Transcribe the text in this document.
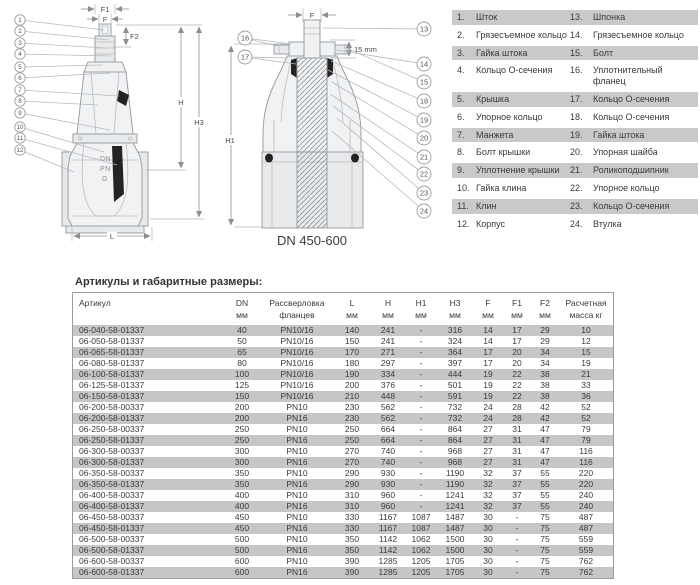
DN
PN
G
F1
F
F2
H
H3
L
1
2
3
4
5
6
7
8
9
10
11
12
F
15 mm
H1
DN 450-600
16
17
13
14
15
18
19
20
21
22
23
24
1.	Шток	13.	Шпонка
2.	Грязесъемное кольцо 14.	Грязесъемное кольцо
3.	Гайка штока	15.	Болт
4.	Кольцо О-сечения	16.	Уплотнительный фланец
5.	Крышка	17.	Кольцо О-сечения
6.	Упорное кольцо	18.	Кольцо О-сечения
7.	Манжета	19.	Гайка штока
8.	Болт крышки	20.	Упорная шайба
9.	Уплотнение крышки	21.	Роликоподшипник
10. Гайка клина	22.	Упорное кольцо
11. Клин	23.	Кольцо О-сечения
12. Корпус	24.	Втулка
Артикулы и габаритные размеры:
Артикул	DN	Рассверловка	L	H	H1	H3	F	F1	F2	Расчетная
	мм	фланцев	мм	мм	мм	мм	мм	мм	мм	масса кг
06-040-58-01337	40	PN10/16	140	241	-	316	14	17	29	10
06-050-58-01337	50	PN10/16	150	241	-	324	14	17	29	12
06-065-58-01337	65	PN10/16	170	271	-	364	17	20	34	15
06-080-58-01337	80	PN10/16	180	297	-	397	17	20	34	19
06-100-58-01337	100	PN10/16	190	334	-	444	19	22	38	21
06-125-58-01337	125	PN10/16	200	376	-	501	19	22	38	33
06-150-58-01337	150	PN10/16	210	448	-	591	19	22	38	36
06-200-58-00337	200	PN10	230	562	-	732	24	28	42	52
06-200-58-01337	200	PN16	230	562	-	732	24	28	42	52
06-250-58-00337	250	PN10	250	664	-	864	27	31	47	79
06-250-58-01337	250	PN16	250	664	-	864	27	31	47	79
06-300-58-00337	300	PN10	270	740	-	968	27	31	47	116
06-300-58-01337	300	PN16	270	740	-	968	27	31	47	116
06-350-58-00337	350	PN10	290	930	-	1190	32	37	55	220
06-350-58-01337	350	PN16	290	930	-	1190	32	37	55	220
06-400-58-00337	400	PN10	310	960	-	1241	32	37	55	240
06-400-58-01337	400	PN16	310	960	-	1241	32	37	55	240
06-450-58-00337	450	PN10	330	1167	1087	1487	30	-	75	487
06-450-58-01337	450	PN16	330	1167	1087	1487	30	-	75	487
06-500-58-00337	500	PN10	350	1142	1062	1500	30	-	75	559
06-500-58-01337	500	PN16	350	1142	1062	1500	30	-	75	559
06-600-58-00337	600	PN10	390	1285	1205	1705	30	-	75	762
06-600-58-01337	600	PN16	390	1285	1205	1705	30	-	75	762
